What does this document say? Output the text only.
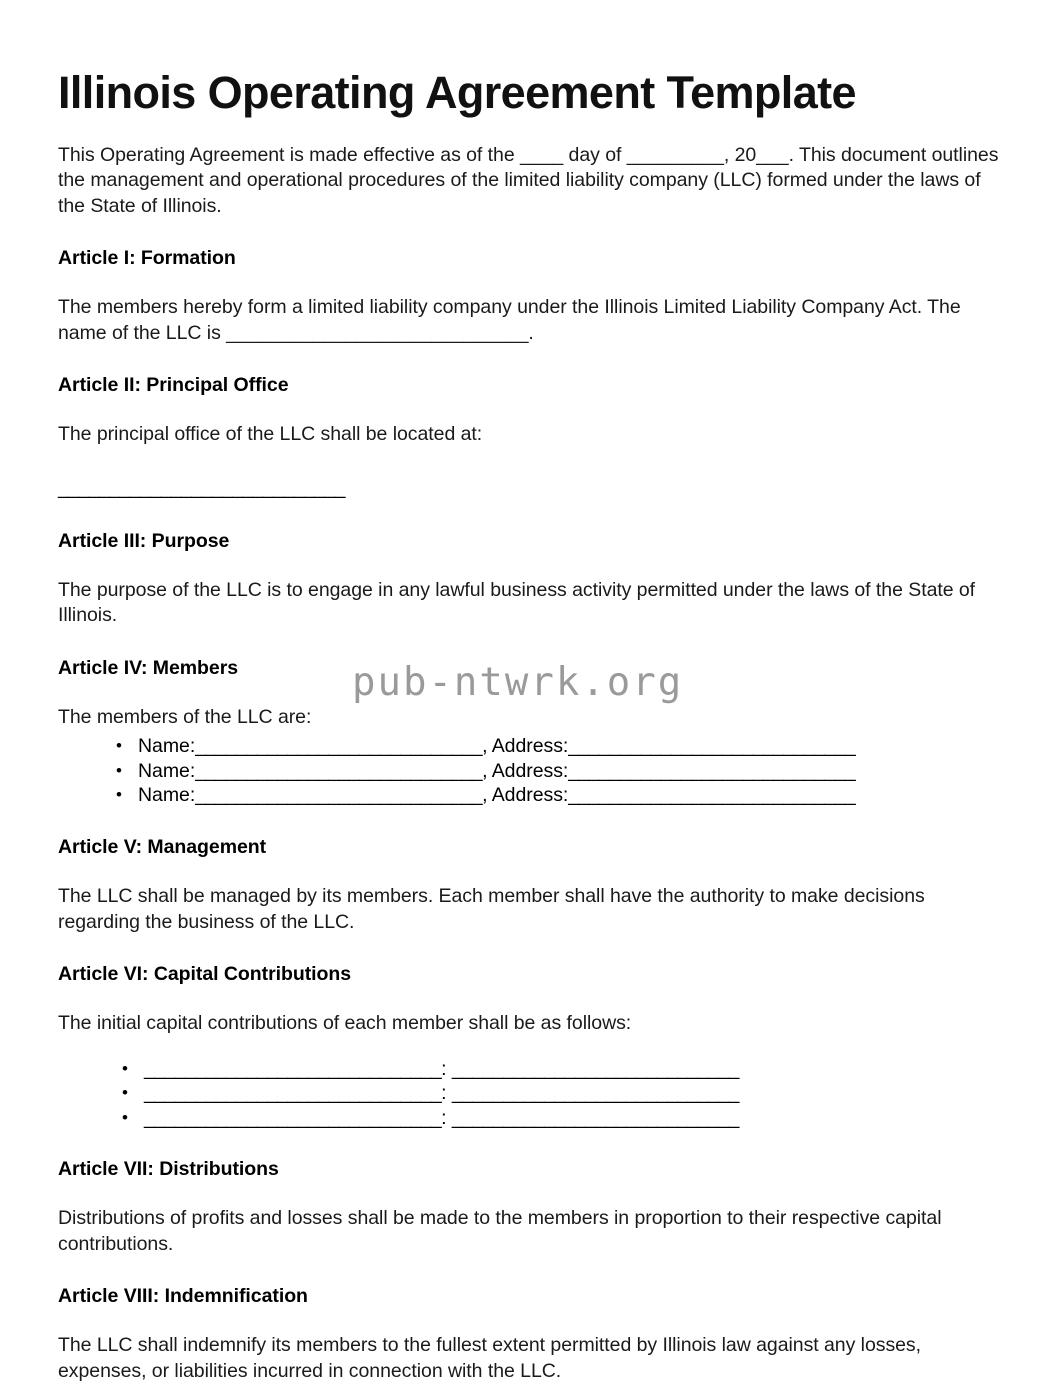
Illinois Operating Agreement Template

This Operating Agreement is made effective as of the ____ day of _________, 20___. This document outlines the management and operational procedures of the limited liability company (LLC) formed under the laws of the State of Illinois.

Article I: Formation

The members hereby form a limited liability company under the Illinois Limited Liability Company Act. The name of the LLC is ____________________________.

Article II: Principal Office

The principal office of the LLC shall be located at:

____________________________

Article III: Purpose

The purpose of the LLC is to engage in any lawful business activity permitted under the laws of the State of Illinois.

Article IV: Members

The members of the LLC are:

• Name:____________________________, Address:____________________________
• Name:____________________________, Address:____________________________
• Name:____________________________, Address:____________________________
Article V: Management

The LLC shall be managed by its members. Each member shall have the authority to make decisions regarding the business of the LLC.

Article VI: Capital Contributions

The initial capital contributions of each member shall be as follows:

• _____________________________: ____________________________
• _____________________________: ____________________________
• _____________________________: ____________________________
Article VII: Distributions

Distributions of profits and losses shall be made to the members in proportion to their respective capital contributions.

Article VIII: Indemnification

The LLC shall indemnify its members to the fullest extent permitted by Illinois law against any losses, expenses, or liabilities incurred in connection with the LLC.

pub-ntwrk.org
